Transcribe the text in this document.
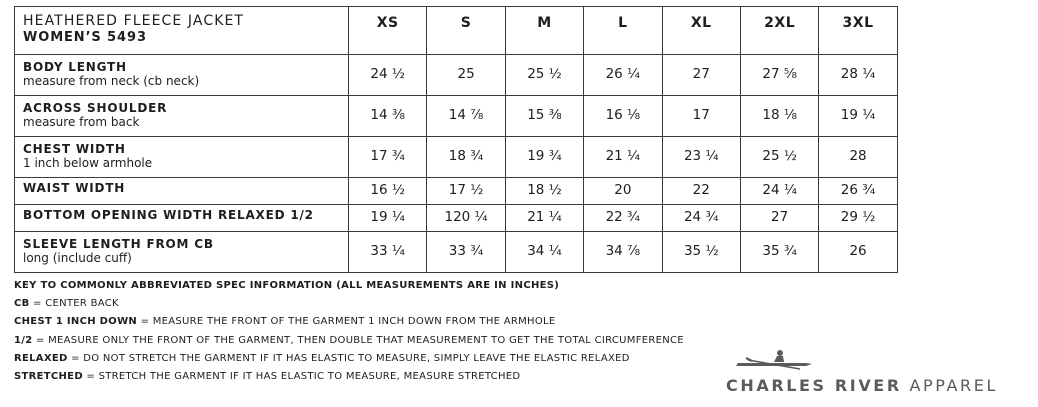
HEATHERED FLEECE JACKET
WOMEN’S 5493	XS	S	M	L	XL	2XL	3XL

BODY LENGTH
measure from neck (cb neck)	24 ½	25	25 ½	26 ¼	27	27 ⅝	28 ¼

ACROSS SHOULDER
measure from back	14 ⅜	14 ⅞	15 ⅜	16 ⅛	17	18 ⅛	19 ¼

CHEST WIDTH
1 inch below armhole	17 ¾	18 ¾	19 ¾	21 ¼	23 ¼	25 ½	28

WAIST WIDTH	16 ½	17 ½	18 ½	20	22	24 ¼	26 ¾

BOTTOM OPENING WIDTH RELAXED 1/2	19 ¼	120 ¼	21 ¼	22 ¾	24 ¾	27	29 ½

SLEEVE LENGTH FROM CB
long (include cuff)	33 ¼	33 ¾	34 ¼	34 ⅞	35 ½	35 ¾	26
KEY TO COMMONLY ABBREVIATED SPEC INFORMATION (ALL MEASUREMENTS ARE IN INCHES)
CB = CENTER BACK
CHEST 1 INCH DOWN = MEASURE THE FRONT OF THE GARMENT 1 INCH DOWN FROM THE ARMHOLE
1/2 = MEASURE ONLY THE FRONT OF THE GARMENT, THEN DOUBLE THAT MEASUREMENT TO GET THE TOTAL CIRCUMFERENCE
RELAXED = DO NOT STRETCH THE GARMENT IF IT HAS ELASTIC TO MEASURE, SIMPLY LEAVE THE ELASTIC RELAXED
STRETCHED = STRETCH THE GARMENT IF IT HAS ELASTIC TO MEASURE, MEASURE STRETCHED	CHARLES RIVER APPAREL
